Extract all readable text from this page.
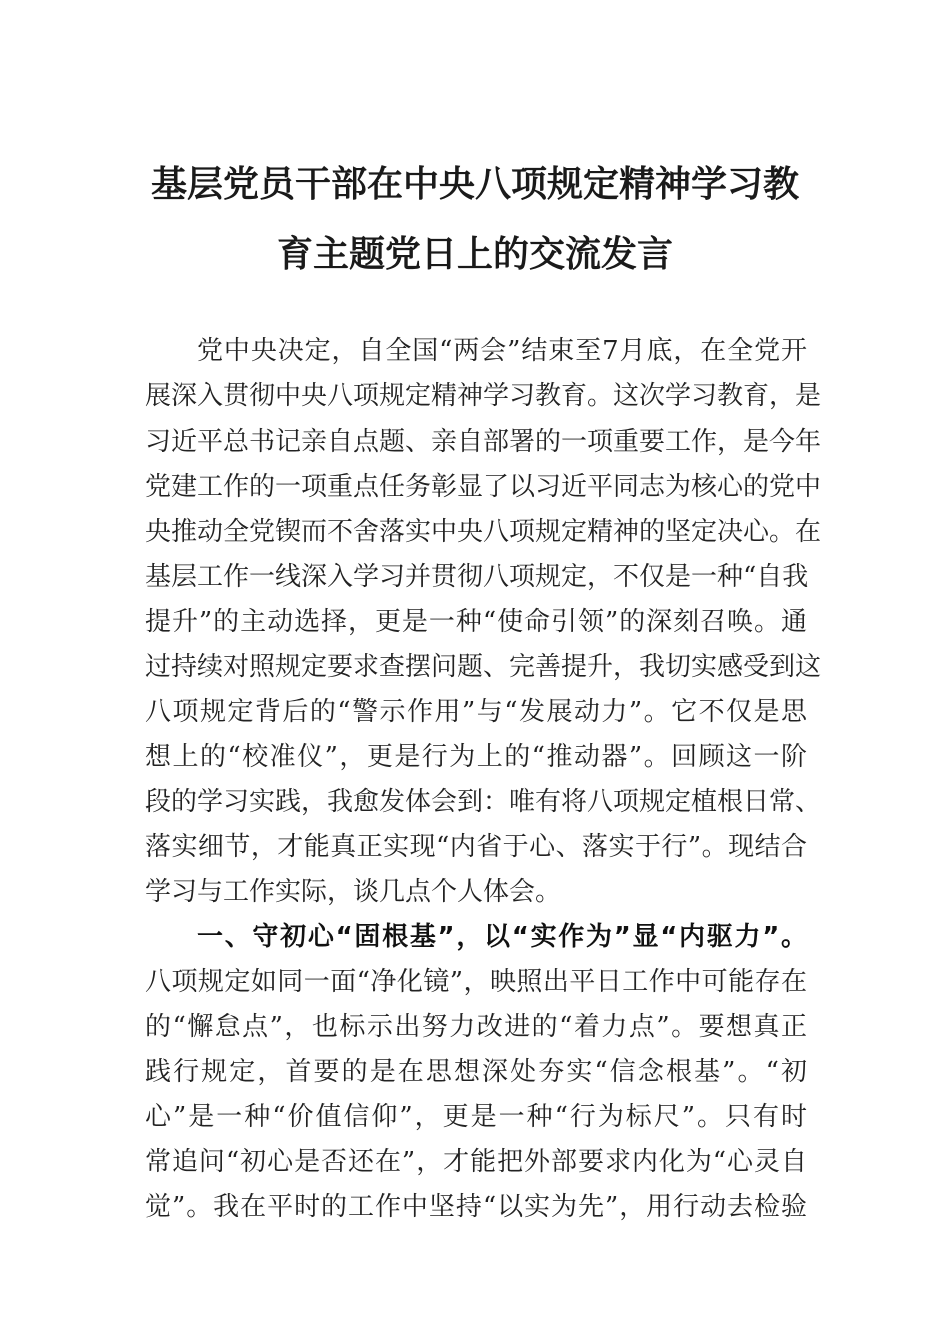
基层党员干部在中央八项规定精神学习教
育主题党日上的交流发言
党中央决定，自全国“两会”结束至7月底，在全党开
展深入贯彻中央八项规定精神学习教育。这次学习教育，是
习近平总书记亲自点题、亲自部署的一项重要工作，是今年
党建工作的一项重点任务彰显了以习近平同志为核心的党中
央推动全党锲而不舍落实中央八项规定精神的坚定决心。在
基层工作一线深入学习并贯彻八项规定，不仅是一种“自我
提升”的主动选择，更是一种“使命引领”的深刻召唤。通
过持续对照规定要求查摆问题、完善提升，我切实感受到这
八项规定背后的“警示作用”与“发展动力”。它不仅是思
想上的“校准仪”，更是行为上的“推动器”。回顾这一阶
段的学习实践，我愈发体会到：唯有将八项规定植根日常、
落实细节，才能真正实现“内省于心、落实于行”。现结合
学习与工作实际，谈几点个人体会。
一、守初心“固根基”，以“实作为”显“内驱力”。
八项规定如同一面“净化镜”，映照出平日工作中可能存在
的“懈怠点”，也标示出努力改进的“着力点”。要想真正
践行规定，首要的是在思想深处夯实“信念根基”。“初
心”是一种“价值信仰”，更是一种“行为标尺”。只有时
常追问“初心是否还在”，才能把外部要求内化为“心灵自
觉”。我在平时的工作中坚持“以实为先”，用行动去检验
